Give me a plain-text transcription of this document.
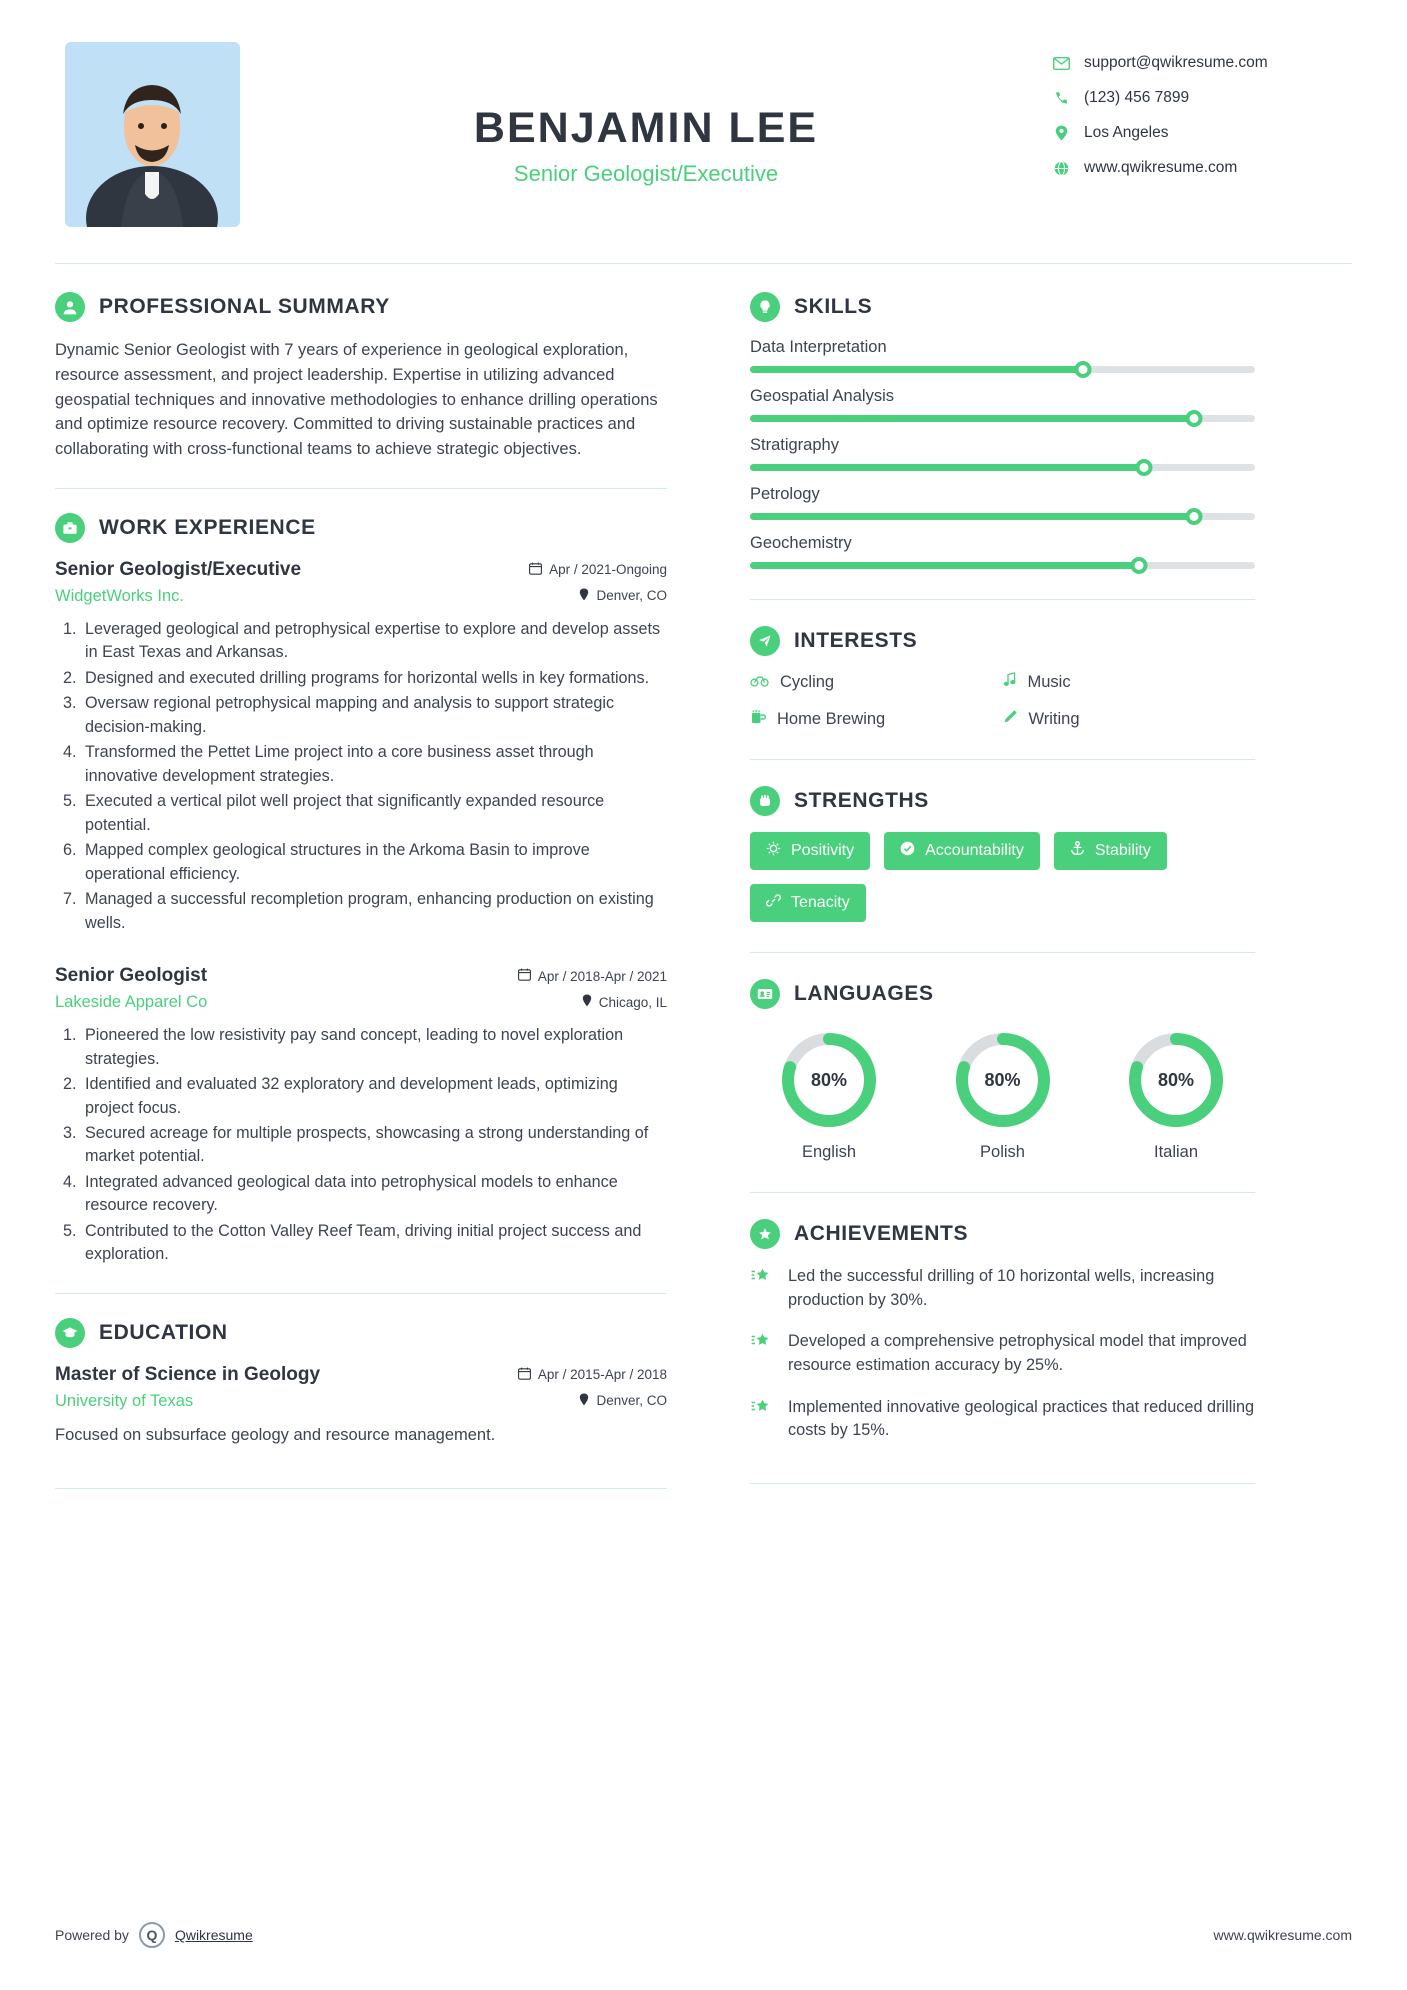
BENJAMIN LEE
Senior Geologist/Executive
support@qwikresume.com
(123) 456 7899
Los Angeles
www.qwikresume.com
PROFESSIONAL SUMMARY
Dynamic Senior Geologist with 7 years of experience in geological exploration, resource assessment, and project leadership. Expertise in utilizing advanced geospatial techniques and innovative methodologies to enhance drilling operations and optimize resource recovery. Committed to driving sustainable practices and collaborating with cross-functional teams to achieve strategic objectives.
WORK EXPERIENCE
Senior Geologist/Executive	Apr / 2021-Ongoing
WidgetWorks Inc.	Denver, CO
1. Leveraged geological and petrophysical expertise to explore and develop assets in East Texas and Arkansas.
2. Designed and executed drilling programs for horizontal wells in key formations.
3. Oversaw regional petrophysical mapping and analysis to support strategic decision-making.
4. Transformed the Pettet Lime project into a core business asset through innovative development strategies.
5. Executed a vertical pilot well project that significantly expanded resource potential.
6. Mapped complex geological structures in the Arkoma Basin to improve operational efficiency.
7. Managed a successful recompletion program, enhancing production on existing wells.
Senior Geologist	Apr / 2018-Apr / 2021
Lakeside Apparel Co	Chicago, IL
1. Pioneered the low resistivity pay sand concept, leading to novel exploration strategies.
2. Identified and evaluated 32 exploratory and development leads, optimizing project focus.
3. Secured acreage for multiple prospects, showcasing a strong understanding of market potential.
4. Integrated advanced geological data into petrophysical models to enhance resource recovery.
5. Contributed to the Cotton Valley Reef Team, driving initial project success and exploration.
EDUCATION
Master of Science in Geology	Apr / 2015-Apr / 2018
University of Texas	Denver, CO
Focused on subsurface geology and resource management.
SKILLS
Data Interpretation
Geospatial Analysis
Stratigraphy
Petrology
Geochemistry
INTERESTS
Cycling	Music
Home Brewing	Writing
STRENGTHS
Positivity	Accountability	Stability
Tenacity
LANGUAGES
80%
English
80%
Polish
80%
Italian
ACHIEVEMENTS
Led the successful drilling of 10 horizontal wells, increasing production by 30%.
Developed a comprehensive petrophysical model that improved resource estimation accuracy by 25%.
Implemented innovative geological practices that reduced drilling costs by 15%.
Powered by	Q	Qwikresume	www.qwikresume.com
